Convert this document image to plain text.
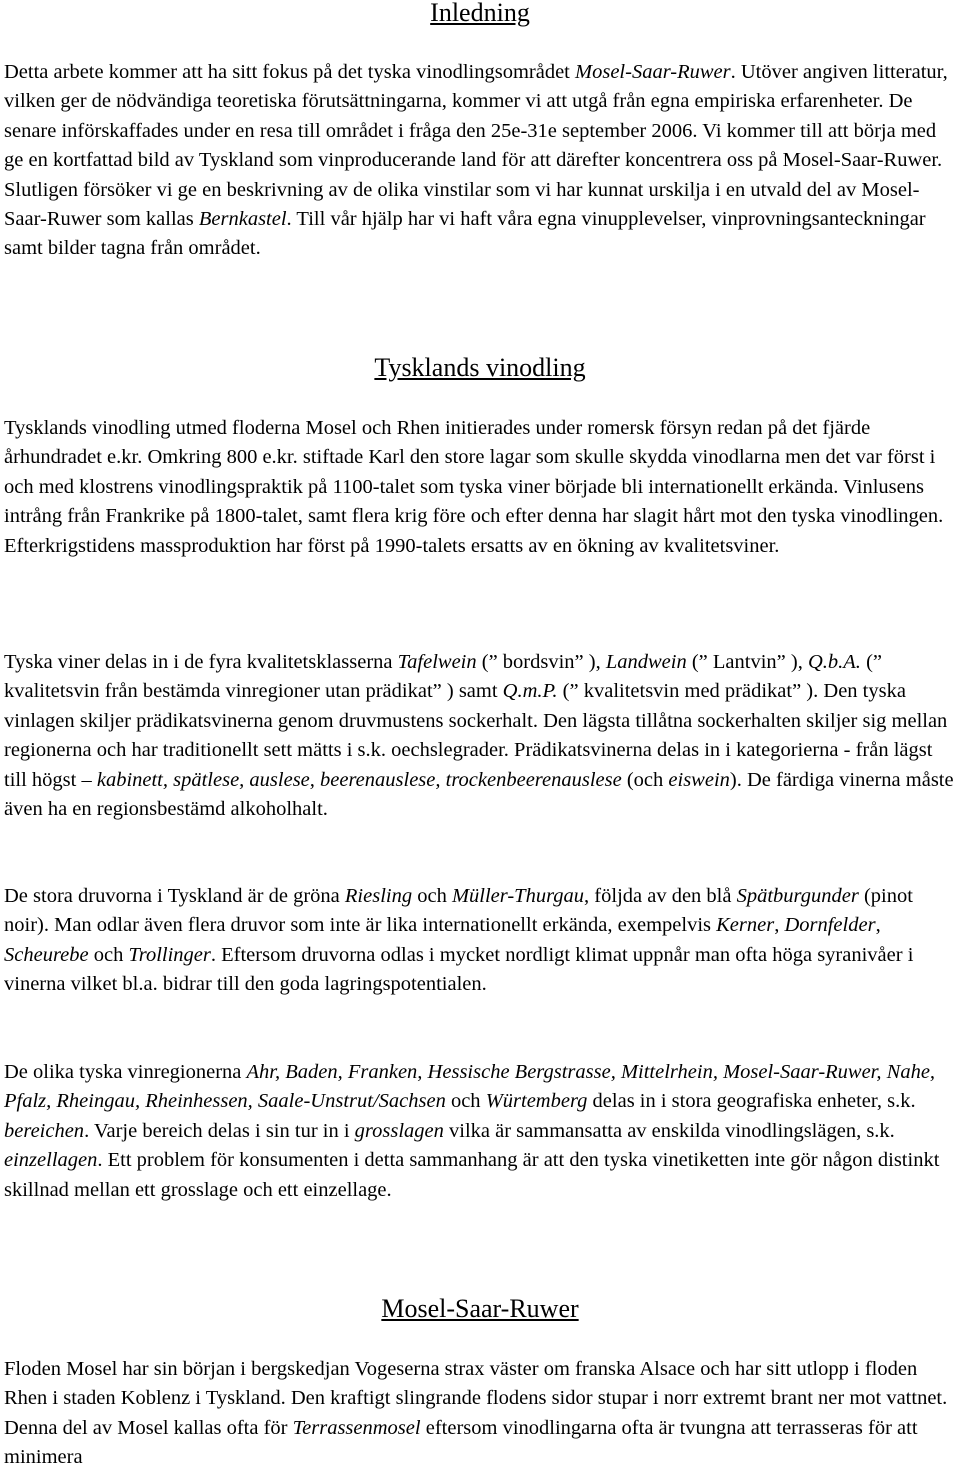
Inledning

Detta arbete kommer att ha sitt fokus på det tyska vinodlingsområdet Mosel-Saar-Ruwer. Utöver angiven litteratur, vilken ger de nödvändiga teoretiska förutsättningarna, kommer vi att utgå från egna empiriska erfarenheter. De senare införskaffades under en resa till området i fråga den 25e-31e september 2006. Vi kommer till att börja med ge en kortfattad bild av Tyskland som vinproducerande land för att därefter koncentrera oss på Mosel-Saar-Ruwer. Slutligen försöker vi ge en beskrivning av de olika vinstilar som vi har kunnat urskilja i en utvald del av Mosel-Saar-Ruwer som kallas Bernkastel. Till vår hjälp har vi haft våra egna vinupplevelser, vinprovningsanteckningar samt bilder tagna från området.

Tysklands vinodling

Tysklands vinodling utmed floderna Mosel och Rhen initierades under romersk försyn redan på det fjärde århundradet e.kr. Omkring 800 e.kr. stiftade Karl den store lagar som skulle skydda vinodlarna men det var först i och med klostrens vinodlingspraktik på 1100-talet som tyska viner började bli internationellt erkända. Vinlusens intrång från Frankrike på 1800-talet, samt flera krig före och efter denna har slagit hårt mot den tyska vinodlingen. Efterkrigstidens massproduktion har först på 1990-talets ersatts av en ökning av kvalitetsviner.

Tyska viner delas in i de fyra kvalitetsklasserna Tafelwein (” bordsvin” ), Landwein (” Lantvin” ), Q.b.A. (” kvalitetsvin från bestämda vinregioner utan prädikat” ) samt Q.m.P. (” kvalitetsvin med prädikat” ). Den tyska vinlagen skiljer prädikatsvinerna genom druvmustens sockerhalt. Den lägsta tillåtna sockerhalten skiljer sig mellan regionerna och har traditionellt sett mätts i s.k. oechslegrader. Prädikatsvinerna delas in i kategorierna - från lägst till högst – kabinett, spätlese, auslese, beerenauslese, trockenbeerenauslese (och eiswein). De färdiga vinerna måste även ha en regionsbestämd alkoholhalt.

De stora druvorna i Tyskland är de gröna Riesling och Müller-Thurgau, följda av den blå Spätburgunder (pinot noir). Man odlar även flera druvor som inte är lika internationellt erkända, exempelvis Kerner, Dornfelder, Scheurebe och Trollinger. Eftersom druvorna odlas i mycket nordligt klimat uppnår man ofta höga syranivåer i vinerna vilket bl.a. bidrar till den goda lagringspotentialen.

De olika tyska vinregionerna Ahr, Baden, Franken, Hessische Bergstrasse, Mittelrhein, Mosel-Saar-Ruwer, Nahe, Pfalz, Rheingau, Rheinhessen, Saale-Unstrut/Sachsen och Würtemberg delas in i stora geografiska enheter, s.k. bereichen. Varje bereich delas i sin tur in i grosslagen vilka är sammansatta av enskilda vinodlingslägen, s.k. einzellagen. Ett problem för konsumenten i detta sammanhang är att den tyska vinetiketten inte gör någon distinkt skillnad mellan ett grosslage och ett einzellage.

Mosel-Saar-Ruwer

Floden Mosel har sin början i bergskedjan Vogeserna strax väster om franska Alsace och har sitt utlopp i floden Rhen i staden Koblenz i Tyskland. Den kraftigt slingrande flodens sidor stupar i norr extremt brant ner mot vattnet. Denna del av Mosel kallas ofta för Terrassenmosel eftersom vinodlingarna ofta är tvungna att terrasseras för att minimera
